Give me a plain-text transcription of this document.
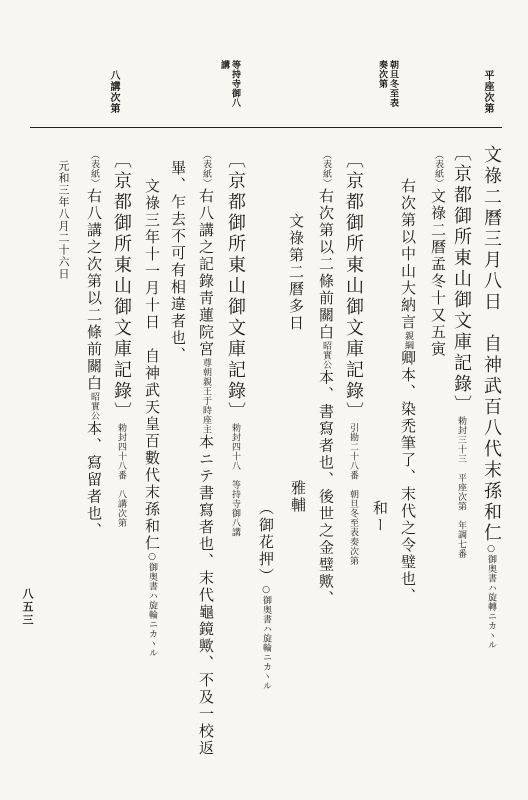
平座次第
朝旦冬至表奏次第
等持寺御八講
八講次第
文祿二曆三月八日　自神武百八代末孫和仁○御奥書ハ旋轉ニカヽル
〔京都御所東山御文庫記錄〕勅封三十三　平座次第　年調七番
（表紙）文祿二曆孟冬十又五寅
右次第以中山大納言親綱卿本、染禿筆了、末代之令璧也、
和ー
〔京都御所東山御文庫記錄〕引勘二十八番　朝旦冬至表奏次第
（表紙）右次第以二條前關白昭實公本、書寫者也、後世之金璧歟、
雅輔
文祿第二曆多日
（御花押）○御奥書ハ旋輪ニカヽル
〔京都御所東山御文庫記錄〕勅封四十八　等持寺御八講
（表紙）右八講之記錄靑蓮院宮尊朝親王于時座主本ニテ書寫者也、末代龜鏡歟、不及一校返
畢、乍去不可有相違者也、
文祿三年十一月十日　自神武天皇百數代末孫和仁○御奥書ハ旋輪ニカヽル
〔京都御所東山御文庫記錄〕勅封四十八番　八講次第
（表紙）右八講之次第以二條前關白昭實公本、寫留者也、
元和三年八月二十六日
八五三
